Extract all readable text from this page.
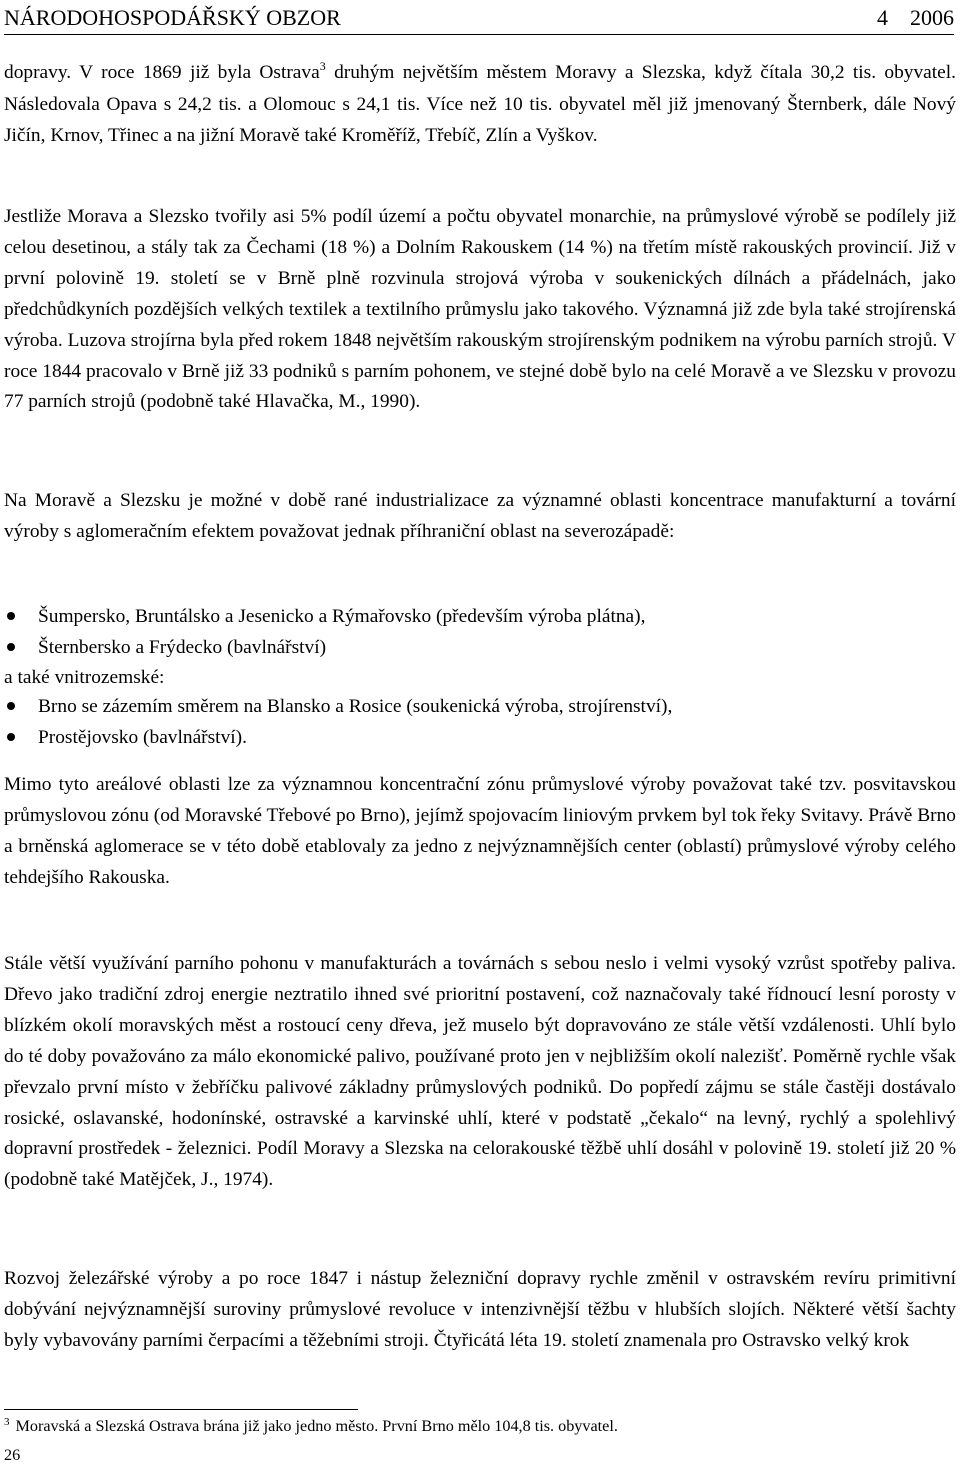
NÁRODOHOSPODÁŘSKÝ OBZOR	4 2006

dopravy. V roce 1869 již byla Ostrava$^3$ druhým největším městem Moravy a Slezska, když čítala 30,2 tis. obyvatel. Následovala Opava s 24,2 tis. a Olomouc s 24,1 tis. Více než 10 tis. obyvatel měl již jmenovaný Šternberk, dále Nový Jičín, Krnov, Třinec a na jižní Moravě také Kroměříž, Třebíč, Zlín a Vyškov.

Jestliže Morava a Slezsko tvořily asi 5% podíl území a počtu obyvatel monarchie, na průmyslové výrobě se podílely již celou desetinou, a stály tak za Čechami (18 %) a Dolním Rakouskem (14 %) na třetím místě rakouských provincií. Již v první polovině 19. století se v Brně plně rozvinula strojová výroba v soukenických dílnách a přádelnách, jako předchůdkyních pozdějších velkých textilek a textilního průmyslu jako takového. Významná již zde byla také strojírenská výroba. Luzova strojírna byla před rokem 1848 největším rakouským strojírenským podnikem na výrobu parních strojů. V roce 1844 pracovalo v Brně již 33 podniků s parním pohonem, ve stejné době bylo na celé Moravě a ve Slezsku v provozu 77 parních strojů (podobně také Hlavačka, M., 1990).

Na Moravě a Slezsku je možné v době rané industrializace za významné oblasti koncentrace manufakturní a tovární výroby s aglomeračním efektem považovat jednak příhraniční oblast na severozápadě:

Šumpersko, Bruntálsko a Jesenicko a Rýmařovsko (především výroba plátna),
Šternbersko a Frýdecko (bavlnářství)
a také vnitrozemské:
Brno se zázemím směrem na Blansko a Rosice (soukenická výroba, strojírenství),
Prostějovsko (bavlnářství).

Mimo tyto areálové oblasti lze za významnou koncentrační zónu průmyslové výroby považovat také tzv. posvitavskou průmyslovou zónu (od Moravské Třebové po Brno), jejímž spojovacím liniovým prvkem byl tok řeky Svitavy. Právě Brno a brněnská aglomerace se v této době etablovaly za jedno z nejvýznamnějších center (oblastí) průmyslové výroby celého tehdejšího Rakouska.

Stále větší využívání parního pohonu v manufakturách a továrnách s sebou neslo i velmi vysoký vzrůst spotřeby paliva. Dřevo jako tradiční zdroj energie neztratilo ihned své prioritní postavení, což naznačovaly také řídnoucí lesní porosty v blízkém okolí moravských měst a rostoucí ceny dřeva, jež muselo být dopravováno ze stále větší vzdálenosti. Uhlí bylo do té doby považováno za málo ekonomické palivo, používané proto jen v nejbližším okolí nalezišť. Poměrně rychle však převzalo první místo v žebříčku palivové základny průmyslových podniků. Do popředí zájmu se stále častěji dostávalo rosické, oslavanské, hodonínské, ostravské a karvinské uhlí, které v podstatě „čekalo“ na levný, rychlý a spolehlivý dopravní prostředek - železnici. Podíl Moravy a Slezska na celorakouské těžbě uhlí dosáhl v polovině 19. století již 20 % (podobně také Matějček, J., 1974).

Rozvoj železářské výroby a po roce 1847 i nástup železniční dopravy rychle změnil v ostravském revíru primitivní dobývání nejvýznamnější suroviny průmyslové revoluce v intenzivnější těžbu v hlubších slojích. Některé větší šachty byly vybavovány parními čerpacími a těžebními stroji. Čtyřicátá léta 19. století znamenala pro Ostravsko velký krok

$^3$ Moravská a Slezská Ostrava brána již jako jedno město. První Brno mělo 104,8 tis. obyvatel.
26
